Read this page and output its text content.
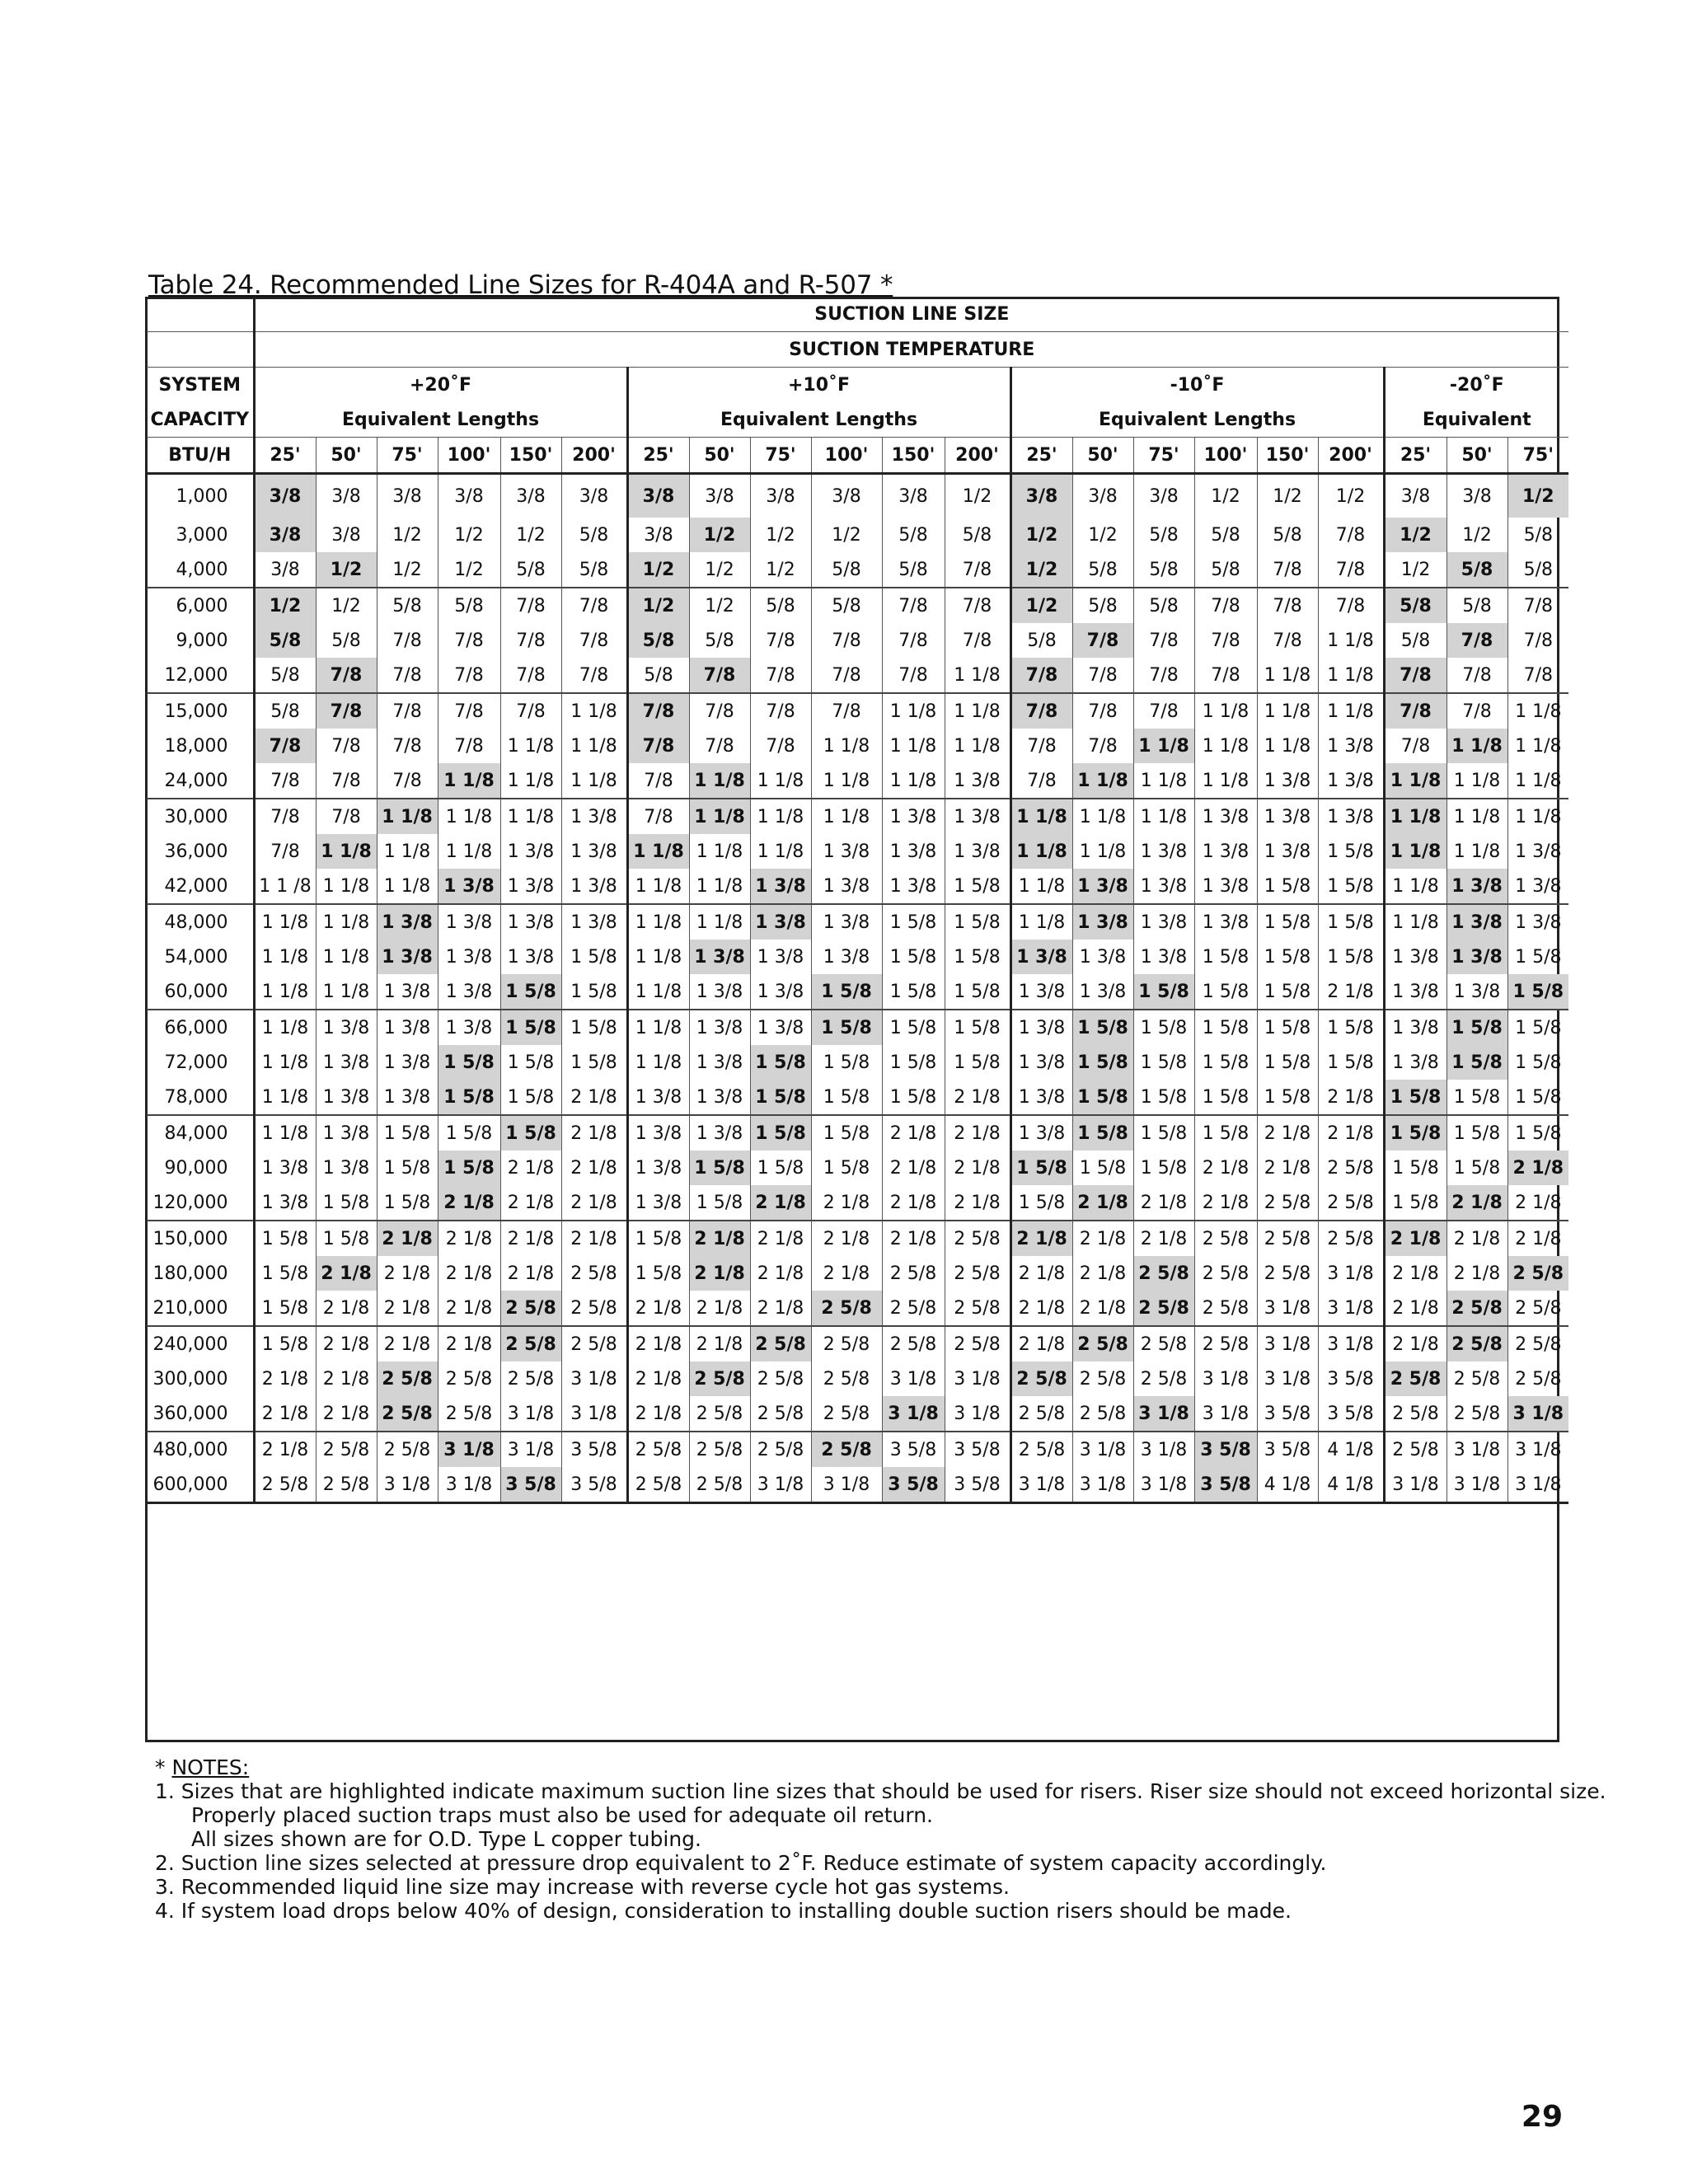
Table 24. Recommended Line Sizes for R-404A and R-507 *
	SUCTION LINE SIZE																				
	SUCTION TEMPERATURE																				
SYSTEM	+20˚F						+10˚F						-10˚F						-20˚F		
CAPACITY	Equivalent Lengths						Equivalent Lengths						Equivalent Lengths						Equivalent		
BTU/H	25'	50'	75'	100'	150'	200'	25'	50'	75'	100'	150'	200'	25'	50'	75'	100'	150'	200'	25'	50'	75'
1,000	3/8	3/8	3/8	3/8	3/8	3/8	3/8	3/8	3/8	3/8	3/8	1/2	3/8	3/8	3/8	1/2	1/2	1/2	3/8	3/8	1/2
3,000	3/8	3/8	1/2	1/2	1/2	5/8	3/8	1/2	1/2	1/2	5/8	5/8	1/2	1/2	5/8	5/8	5/8	7/8	1/2	1/2	5/8
4,000	3/8	1/2	1/2	1/2	5/8	5/8	1/2	1/2	1/2	5/8	5/8	7/8	1/2	5/8	5/8	5/8	7/8	7/8	1/2	5/8	5/8
6,000	1/2	1/2	5/8	5/8	7/8	7/8	1/2	1/2	5/8	5/8	7/8	7/8	1/2	5/8	5/8	7/8	7/8	7/8	5/8	5/8	7/8
9,000	5/8	5/8	7/8	7/8	7/8	7/8	5/8	5/8	7/8	7/8	7/8	7/8	5/8	7/8	7/8	7/8	7/8	1 1/8	5/8	7/8	7/8
12,000	5/8	7/8	7/8	7/8	7/8	7/8	5/8	7/8	7/8	7/8	7/8	1 1/8	7/8	7/8	7/8	7/8	1 1/8	1 1/8	7/8	7/8	7/8
15,000	5/8	7/8	7/8	7/8	7/8	1 1/8	7/8	7/8	7/8	7/8	1 1/8	1 1/8	7/8	7/8	7/8	1 1/8	1 1/8	1 1/8	7/8	7/8	1 1/8
18,000	7/8	7/8	7/8	7/8	1 1/8	1 1/8	7/8	7/8	7/8	1 1/8	1 1/8	1 1/8	7/8	7/8	1 1/8	1 1/8	1 1/8	1 3/8	7/8	1 1/8	1 1/8
24,000	7/8	7/8	7/8	1 1/8	1 1/8	1 1/8	7/8	1 1/8	1 1/8	1 1/8	1 1/8	1 3/8	7/8	1 1/8	1 1/8	1 1/8	1 3/8	1 3/8	1 1/8	1 1/8	1 1/8
30,000	7/8	7/8	1 1/8	1 1/8	1 1/8	1 3/8	7/8	1 1/8	1 1/8	1 1/8	1 3/8	1 3/8	1 1/8	1 1/8	1 1/8	1 3/8	1 3/8	1 3/8	1 1/8	1 1/8	1 1/8
36,000	7/8	1 1/8	1 1/8	1 1/8	1 3/8	1 3/8	1 1/8	1 1/8	1 1/8	1 3/8	1 3/8	1 3/8	1 1/8	1 1/8	1 3/8	1 3/8	1 3/8	1 5/8	1 1/8	1 1/8	1 3/8
42,000	1 1 /8	1 1/8	1 1/8	1 3/8	1 3/8	1 3/8	1 1/8	1 1/8	1 3/8	1 3/8	1 3/8	1 5/8	1 1/8	1 3/8	1 3/8	1 3/8	1 5/8	1 5/8	1 1/8	1 3/8	1 3/8
48,000	1 1/8	1 1/8	1 3/8	1 3/8	1 3/8	1 3/8	1 1/8	1 1/8	1 3/8	1 3/8	1 5/8	1 5/8	1 1/8	1 3/8	1 3/8	1 3/8	1 5/8	1 5/8	1 1/8	1 3/8	1 3/8
54,000	1 1/8	1 1/8	1 3/8	1 3/8	1 3/8	1 5/8	1 1/8	1 3/8	1 3/8	1 3/8	1 5/8	1 5/8	1 3/8	1 3/8	1 3/8	1 5/8	1 5/8	1 5/8	1 3/8	1 3/8	1 5/8
60,000	1 1/8	1 1/8	1 3/8	1 3/8	1 5/8	1 5/8	1 1/8	1 3/8	1 3/8	1 5/8	1 5/8	1 5/8	1 3/8	1 3/8	1 5/8	1 5/8	1 5/8	2 1/8	1 3/8	1 3/8	1 5/8
66,000	1 1/8	1 3/8	1 3/8	1 3/8	1 5/8	1 5/8	1 1/8	1 3/8	1 3/8	1 5/8	1 5/8	1 5/8	1 3/8	1 5/8	1 5/8	1 5/8	1 5/8	1 5/8	1 3/8	1 5/8	1 5/8
72,000	1 1/8	1 3/8	1 3/8	1 5/8	1 5/8	1 5/8	1 1/8	1 3/8	1 5/8	1 5/8	1 5/8	1 5/8	1 3/8	1 5/8	1 5/8	1 5/8	1 5/8	1 5/8	1 3/8	1 5/8	1 5/8
78,000	1 1/8	1 3/8	1 3/8	1 5/8	1 5/8	2 1/8	1 3/8	1 3/8	1 5/8	1 5/8	1 5/8	2 1/8	1 3/8	1 5/8	1 5/8	1 5/8	1 5/8	2 1/8	1 5/8	1 5/8	1 5/8
84,000	1 1/8	1 3/8	1 5/8	1 5/8	1 5/8	2 1/8	1 3/8	1 3/8	1 5/8	1 5/8	2 1/8	2 1/8	1 3/8	1 5/8	1 5/8	1 5/8	2 1/8	2 1/8	1 5/8	1 5/8	1 5/8
90,000	1 3/8	1 3/8	1 5/8	1 5/8	2 1/8	2 1/8	1 3/8	1 5/8	1 5/8	1 5/8	2 1/8	2 1/8	1 5/8	1 5/8	1 5/8	2 1/8	2 1/8	2 5/8	1 5/8	1 5/8	2 1/8
120,000	1 3/8	1 5/8	1 5/8	2 1/8	2 1/8	2 1/8	1 3/8	1 5/8	2 1/8	2 1/8	2 1/8	2 1/8	1 5/8	2 1/8	2 1/8	2 1/8	2 5/8	2 5/8	1 5/8	2 1/8	2 1/8
150,000	1 5/8	1 5/8	2 1/8	2 1/8	2 1/8	2 1/8	1 5/8	2 1/8	2 1/8	2 1/8	2 1/8	2 5/8	2 1/8	2 1/8	2 1/8	2 5/8	2 5/8	2 5/8	2 1/8	2 1/8	2 1/8
180,000	1 5/8	2 1/8	2 1/8	2 1/8	2 1/8	2 5/8	1 5/8	2 1/8	2 1/8	2 1/8	2 5/8	2 5/8	2 1/8	2 1/8	2 5/8	2 5/8	2 5/8	3 1/8	2 1/8	2 1/8	2 5/8
210,000	1 5/8	2 1/8	2 1/8	2 1/8	2 5/8	2 5/8	2 1/8	2 1/8	2 1/8	2 5/8	2 5/8	2 5/8	2 1/8	2 1/8	2 5/8	2 5/8	3 1/8	3 1/8	2 1/8	2 5/8	2 5/8
240,000	1 5/8	2 1/8	2 1/8	2 1/8	2 5/8	2 5/8	2 1/8	2 1/8	2 5/8	2 5/8	2 5/8	2 5/8	2 1/8	2 5/8	2 5/8	2 5/8	3 1/8	3 1/8	2 1/8	2 5/8	2 5/8
300,000	2 1/8	2 1/8	2 5/8	2 5/8	2 5/8	3 1/8	2 1/8	2 5/8	2 5/8	2 5/8	3 1/8	3 1/8	2 5/8	2 5/8	2 5/8	3 1/8	3 1/8	3 5/8	2 5/8	2 5/8	2 5/8
360,000	2 1/8	2 1/8	2 5/8	2 5/8	3 1/8	3 1/8	2 1/8	2 5/8	2 5/8	2 5/8	3 1/8	3 1/8	2 5/8	2 5/8	3 1/8	3 1/8	3 5/8	3 5/8	2 5/8	2 5/8	3 1/8
480,000	2 1/8	2 5/8	2 5/8	3 1/8	3 1/8	3 5/8	2 5/8	2 5/8	2 5/8	2 5/8	3 5/8	3 5/8	2 5/8	3 1/8	3 1/8	3 5/8	3 5/8	4 1/8	2 5/8	3 1/8	3 1/8
600,000	2 5/8	2 5/8	3 1/8	3 1/8	3 5/8	3 5/8	2 5/8	2 5/8	3 1/8	3 1/8	3 5/8	3 5/8	3 1/8	3 1/8	3 1/8	3 5/8	4 1/8	4 1/8	3 1/8	3 1/8	3 1/8
* NOTES:
1. Sizes that are highlighted indicate maximum suction line sizes that should be used for risers. Riser size should not exceed horizontal size.
Properly placed suction traps must also be used for adequate oil return.
All sizes shown are for O.D. Type L copper tubing.
2. Suction line sizes selected at pressure drop equivalent to 2˚F. Reduce estimate of system capacity accordingly.
3. Recommended liquid line size may increase with reverse cycle hot gas systems.
4. If system load drops below 40% of design, consideration to installing double suction risers should be made.
29
